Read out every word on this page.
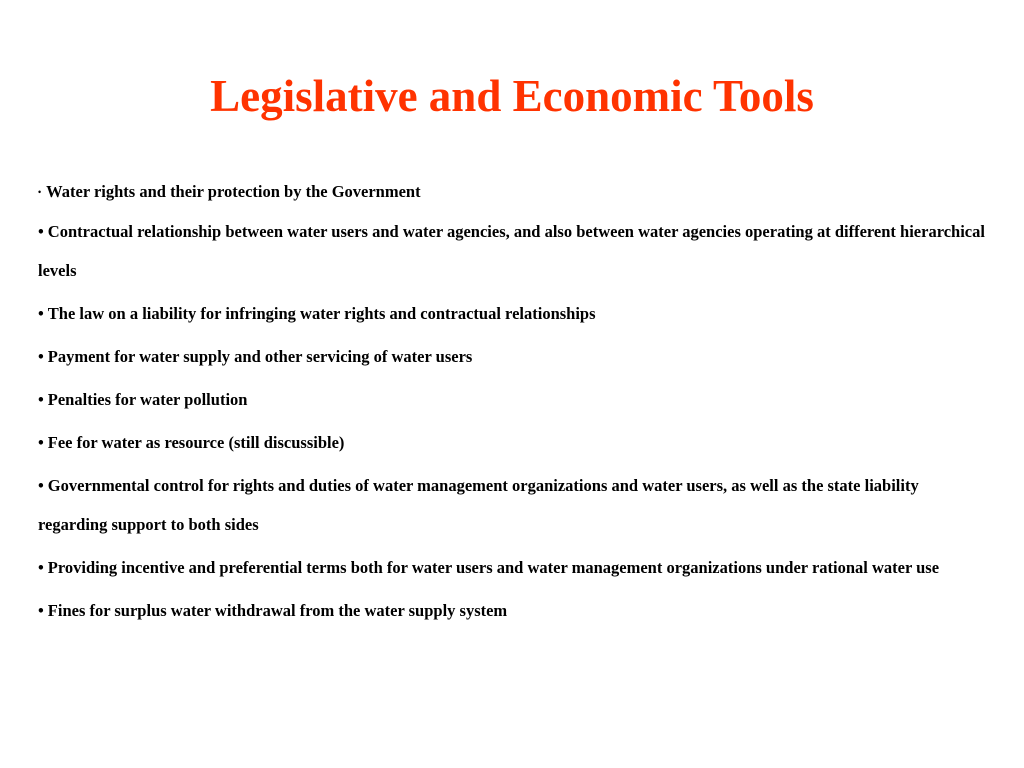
Legislative and Economic Tools
• Water rights and their protection by the Government
• Contractual relationship between water users and water agencies, and also between water agencies operating at different hierarchical levels
• The law on a liability for infringing water rights and contractual relationships
• Payment for water supply and other servicing of water users
• Penalties for water pollution
• Fee for water as resource (still discussible)
• Governmental control for rights and duties of water management organizations and water users, as well as the state liability regarding support to both sides
• Providing incentive and preferential terms both for water users and water management organizations under rational water use
• Fines for surplus water withdrawal from the water supply system
